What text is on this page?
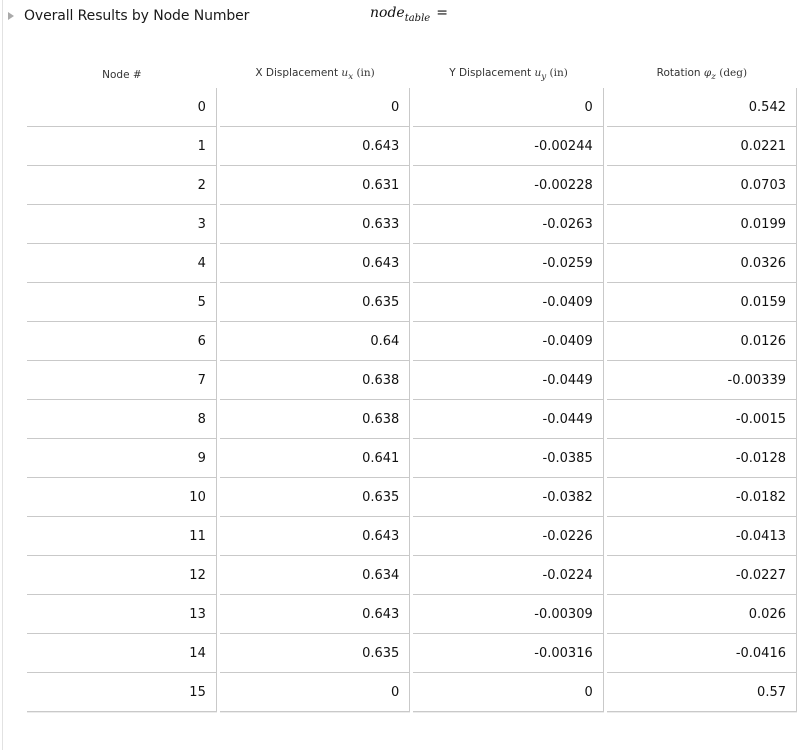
Overall Results by Node Number	node$_{table}$ =
Node #	X Displacement $u_x$ (in)	Y Displacement $u_y$ (in)	Rotation $\varphi_z$ (deg)
0	0	0	0.542
1	0.643	-0.00244	0.0221
2	0.631	-0.00228	0.0703
3	0.633	-0.0263	0.0199
4	0.643	-0.0259	0.0326
5	0.635	-0.0409	0.0159
6	0.64	-0.0409	0.0126
7	0.638	-0.0449	-0.00339
8	0.638	-0.0449	-0.0015
9	0.641	-0.0385	-0.0128
10	0.635	-0.0382	-0.0182
11	0.643	-0.0226	-0.0413
12	0.634	-0.0224	-0.0227
13	0.643	-0.00309	0.026
14	0.635	-0.00316	-0.0416
15	0	0	0.57
